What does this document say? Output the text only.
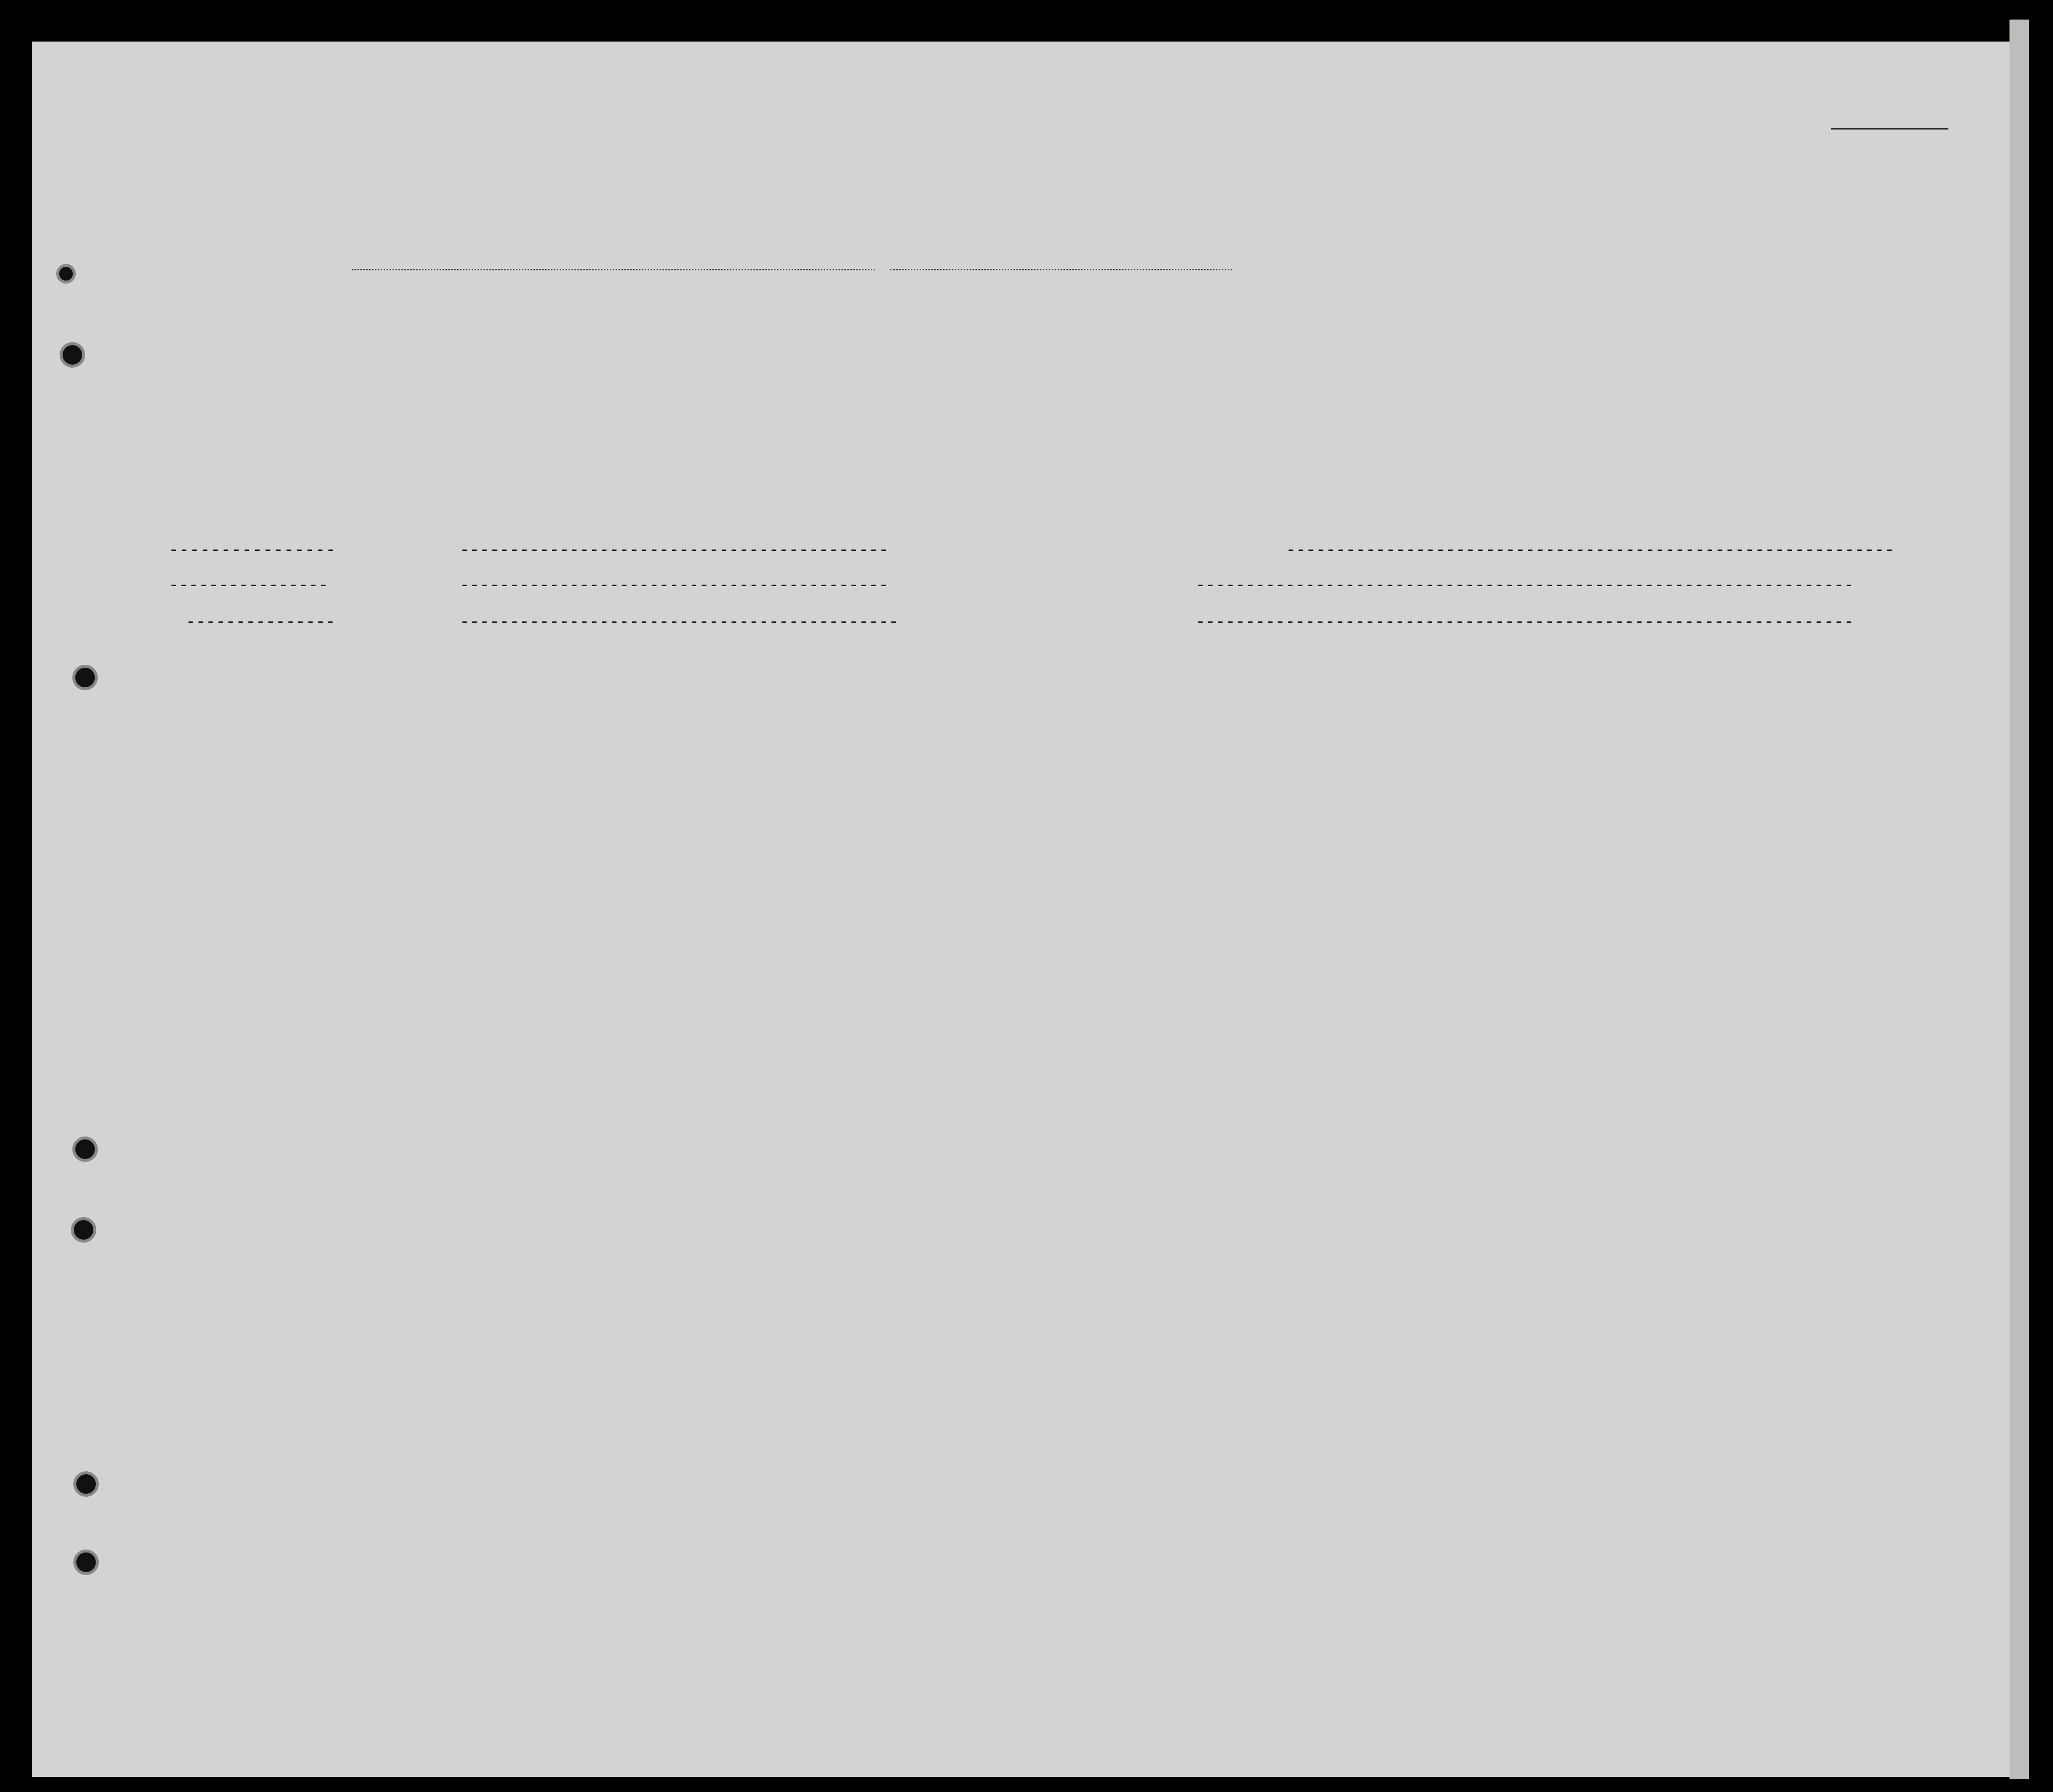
----------------	-------------------------------------------	-------------------------------------------------------------
----------------	-------------------------------------------	------------------------------------------------------------------
---------------	--------------------------------------------	------------------------------------------------------------------
